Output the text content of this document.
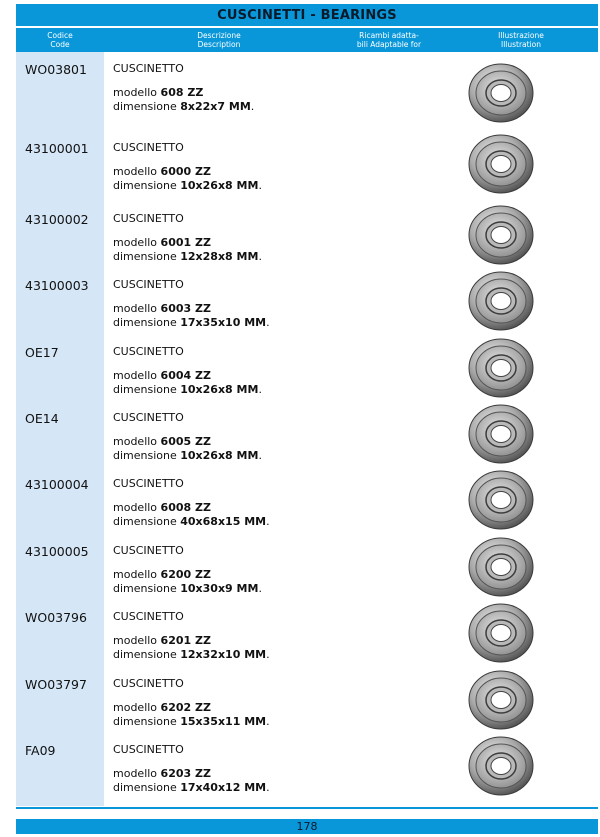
CUSCINETTI - BEARINGS
Codice
Code
Descrizione
Description
Ricambi adatta-
bili Adaptable for
Illustrazione
Illustration
WO03801 CUSCINETTO
modello 608 ZZ
dimensione 8x22x7 MM.
43100001 CUSCINETTO
modello 6000 ZZ
dimensione 10x26x8 MM.
43100002 CUSCINETTO
modello 6001 ZZ
dimensione 12x28x8 MM.
43100003 CUSCINETTO
modello 6003 ZZ
dimensione 17x35x10 MM.
OE17	CUSCINETTO
modello 6004 ZZ
dimensione 10x26x8 MM.
OE14	CUSCINETTO
modello 6005 ZZ
dimensione 10x26x8 MM.
43100004 CUSCINETTO
modello 6008 ZZ
dimensione 40x68x15 MM.
43100005 CUSCINETTO
modello 6200 ZZ
dimensione 10x30x9 MM.
WO03796 CUSCINETTO
modello 6201 ZZ
dimensione 12x32x10 MM.
WO03797 CUSCINETTO
modello 6202 ZZ
dimensione 15x35x11 MM.
FA09	CUSCINETTO
modello 6203 ZZ
dimensione 17x40x12 MM.
178
